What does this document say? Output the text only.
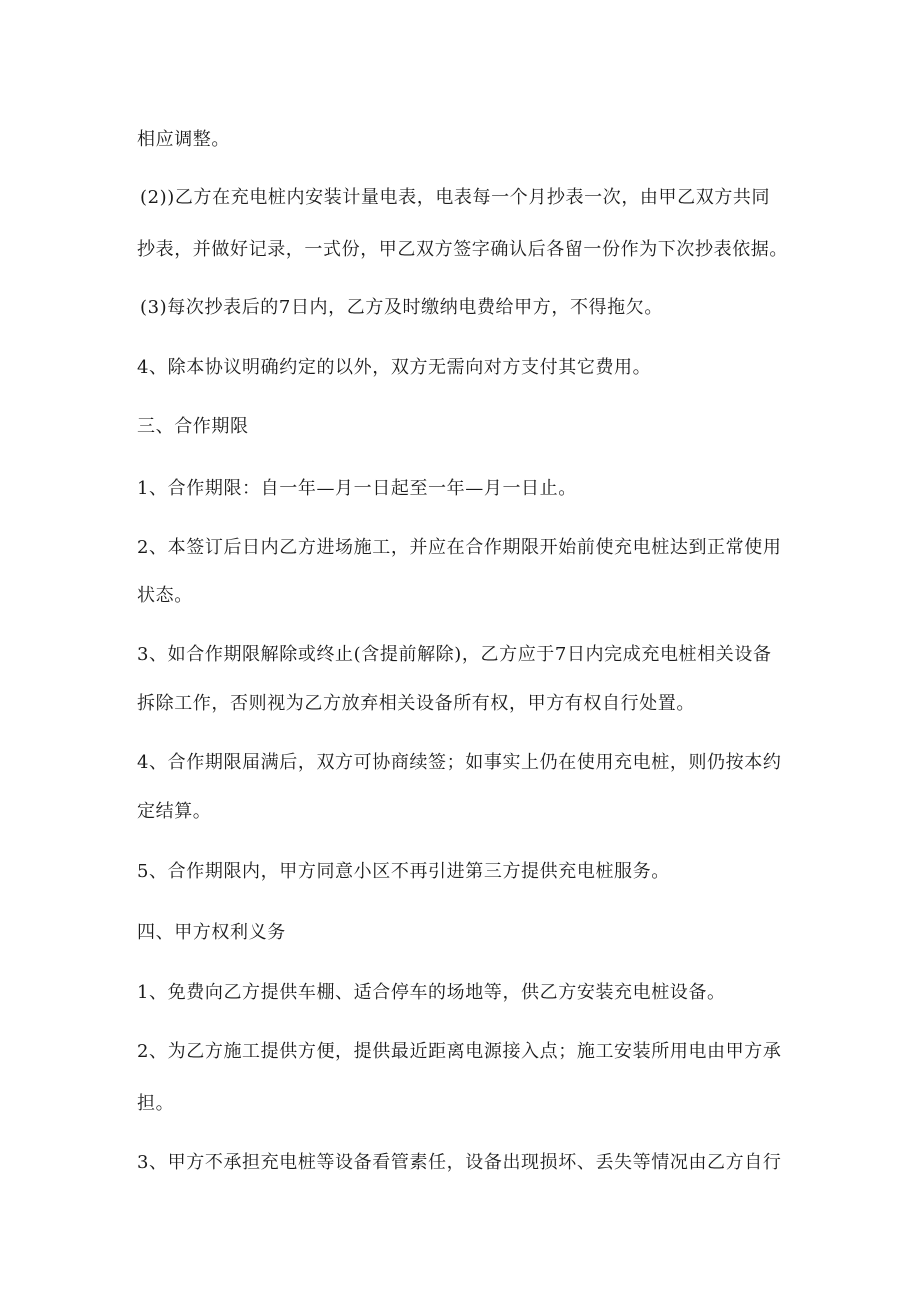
相应调整。
(2))乙方在充电桩内安装计量电表，电表每一个月抄表一次，由甲乙双方共同
抄表，并做好记录，一式份，甲乙双方签字确认后各留一份作为下次抄表依据。
(3)每次抄表后的7日内，乙方及时缴纳电费给甲方，不得拖欠。
4、除本协议明确约定的以外，双方无需向对方支付其它费用。
三、合作期限
1、合作期限：自一年—月一日起至一年—月一日止。
2、本签订后日内乙方进场施工，并应在合作期限开始前使充电桩达到正常使用
状态。
3、如合作期限解除或终止(含提前解除)，乙方应于7日内完成充电桩相关设备
拆除工作，否则视为乙方放弃相关设备所有权，甲方有权自行处置。
4、合作期限届满后，双方可协商续签；如事实上仍在使用充电桩，则仍按本约
定结算。
5、合作期限内，甲方同意小区不再引进第三方提供充电桩服务。
四、甲方权利义务
1、免费向乙方提供车棚、适合停车的场地等，供乙方安装充电桩设备。
2、为乙方施工提供方便，提供最近距离电源接入点；施工安装所用电由甲方承
担。
3、甲方不承担充电桩等设备看管素任，设备出现损坏、丢失等情况由乙方自行
